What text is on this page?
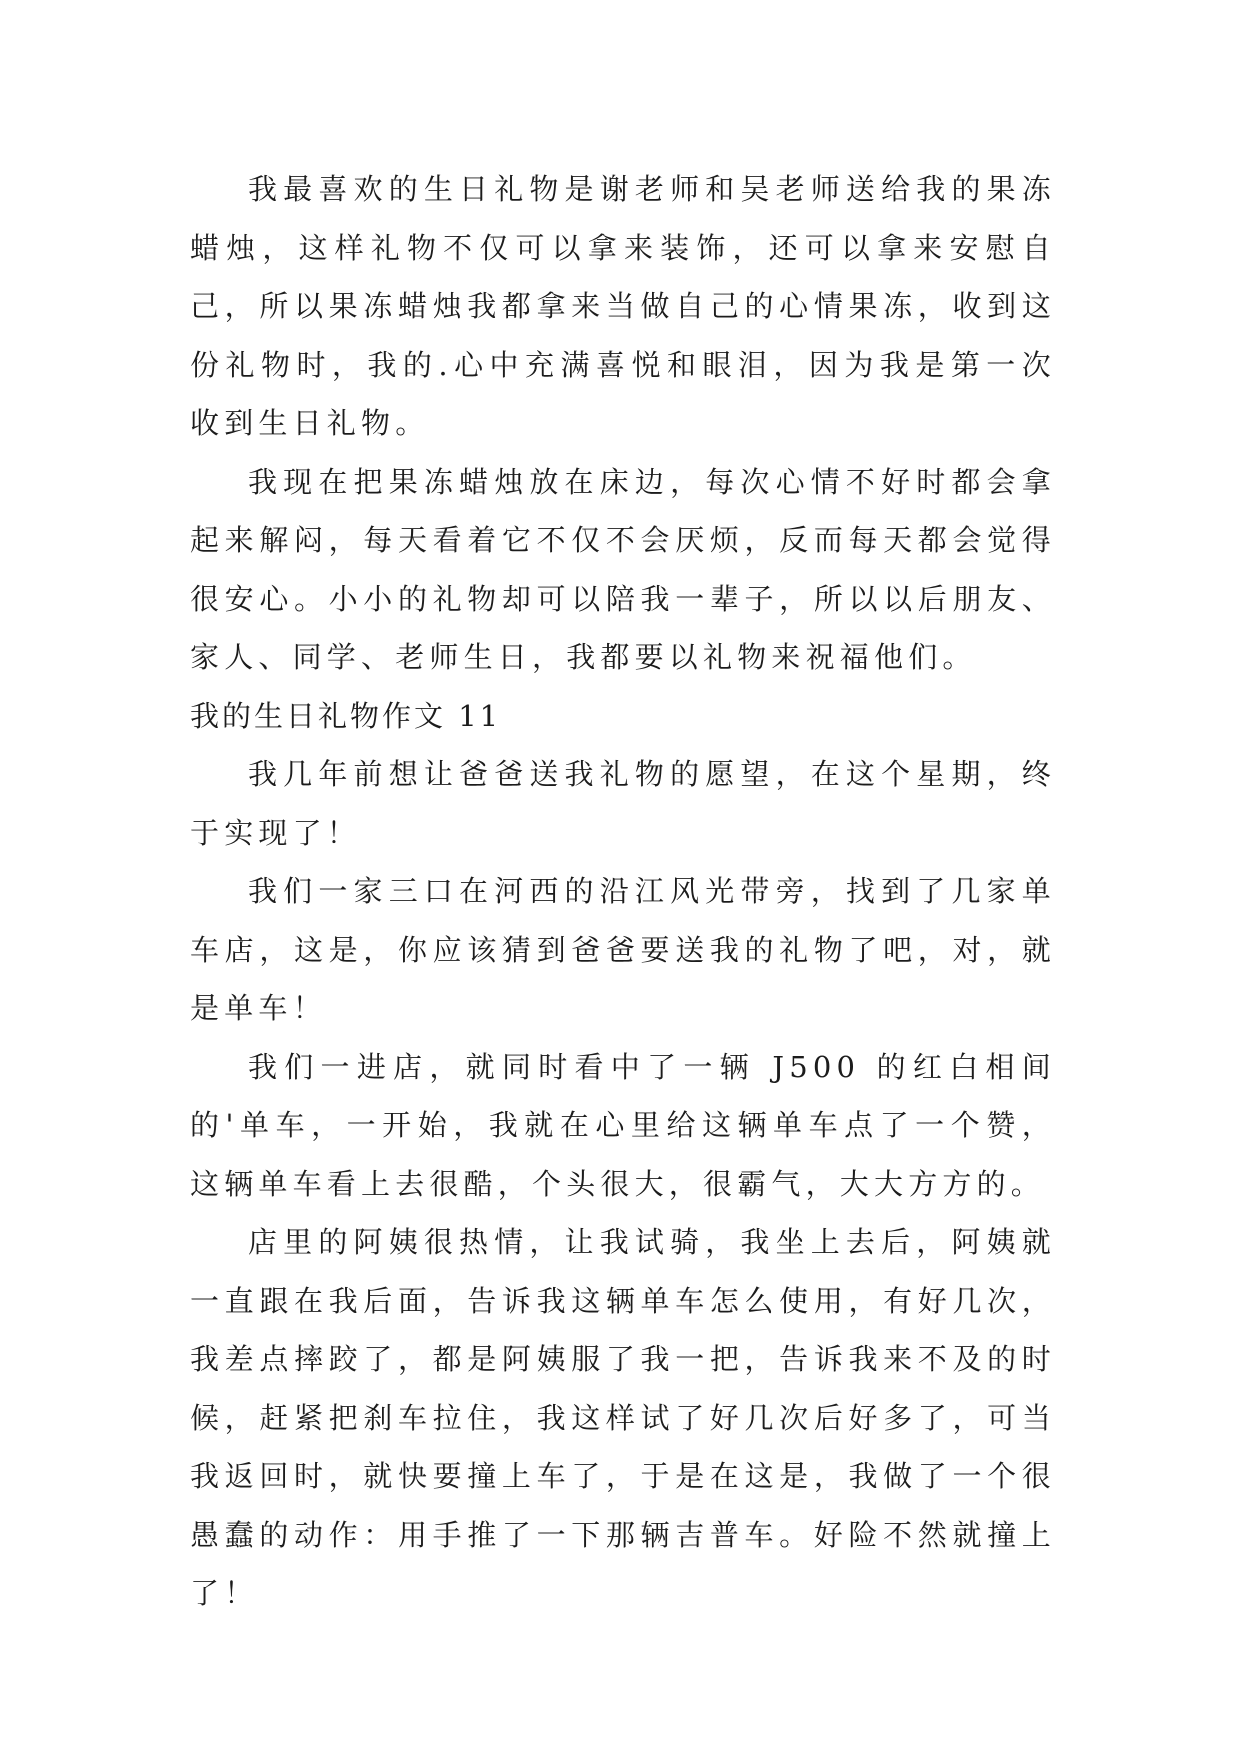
我最喜欢的生日礼物是谢老师和吴老师送给我的果冻蜡烛，这样礼物不仅可以拿来装饰，还可以拿来安慰自己，所以果冻蜡烛我都拿来当做自己的心情果冻，收到这份礼物时，我的.心中充满喜悦和眼泪，因为我是第一次收到生日礼物。

我现在把果冻蜡烛放在床边，每次心情不好时都会拿起来解闷，每天看着它不仅不会厌烦，反而每天都会觉得很安心。小小的礼物却可以陪我一辈子，所以以后朋友、家人、同学、老师生日，我都要以礼物来祝福他们。

我的生日礼物作文 11

我几年前想让爸爸送我礼物的愿望，在这个星期，终于实现了！

我们一家三口在河西的沿江风光带旁，找到了几家单车店，这是，你应该猜到爸爸要送我的礼物了吧，对，就是单车！

我们一进店，就同时看中了一辆 J500 的红白相间的'单车，一开始，我就在心里给这辆单车点了一个赞，这辆单车看上去很酷，个头很大，很霸气，大大方方的。

店里的阿姨很热情，让我试骑，我坐上去后，阿姨就一直跟在我后面，告诉我这辆单车怎么使用，有好几次，我差点摔跤了，都是阿姨服了我一把，告诉我来不及的时候，赶紧把刹车拉住，我这样试了好几次后好多了，可当我返回时，就快要撞上车了，于是在这是，我做了一个很愚蠢的动作：用手推了一下那辆吉普车。好险不然就撞上了！
